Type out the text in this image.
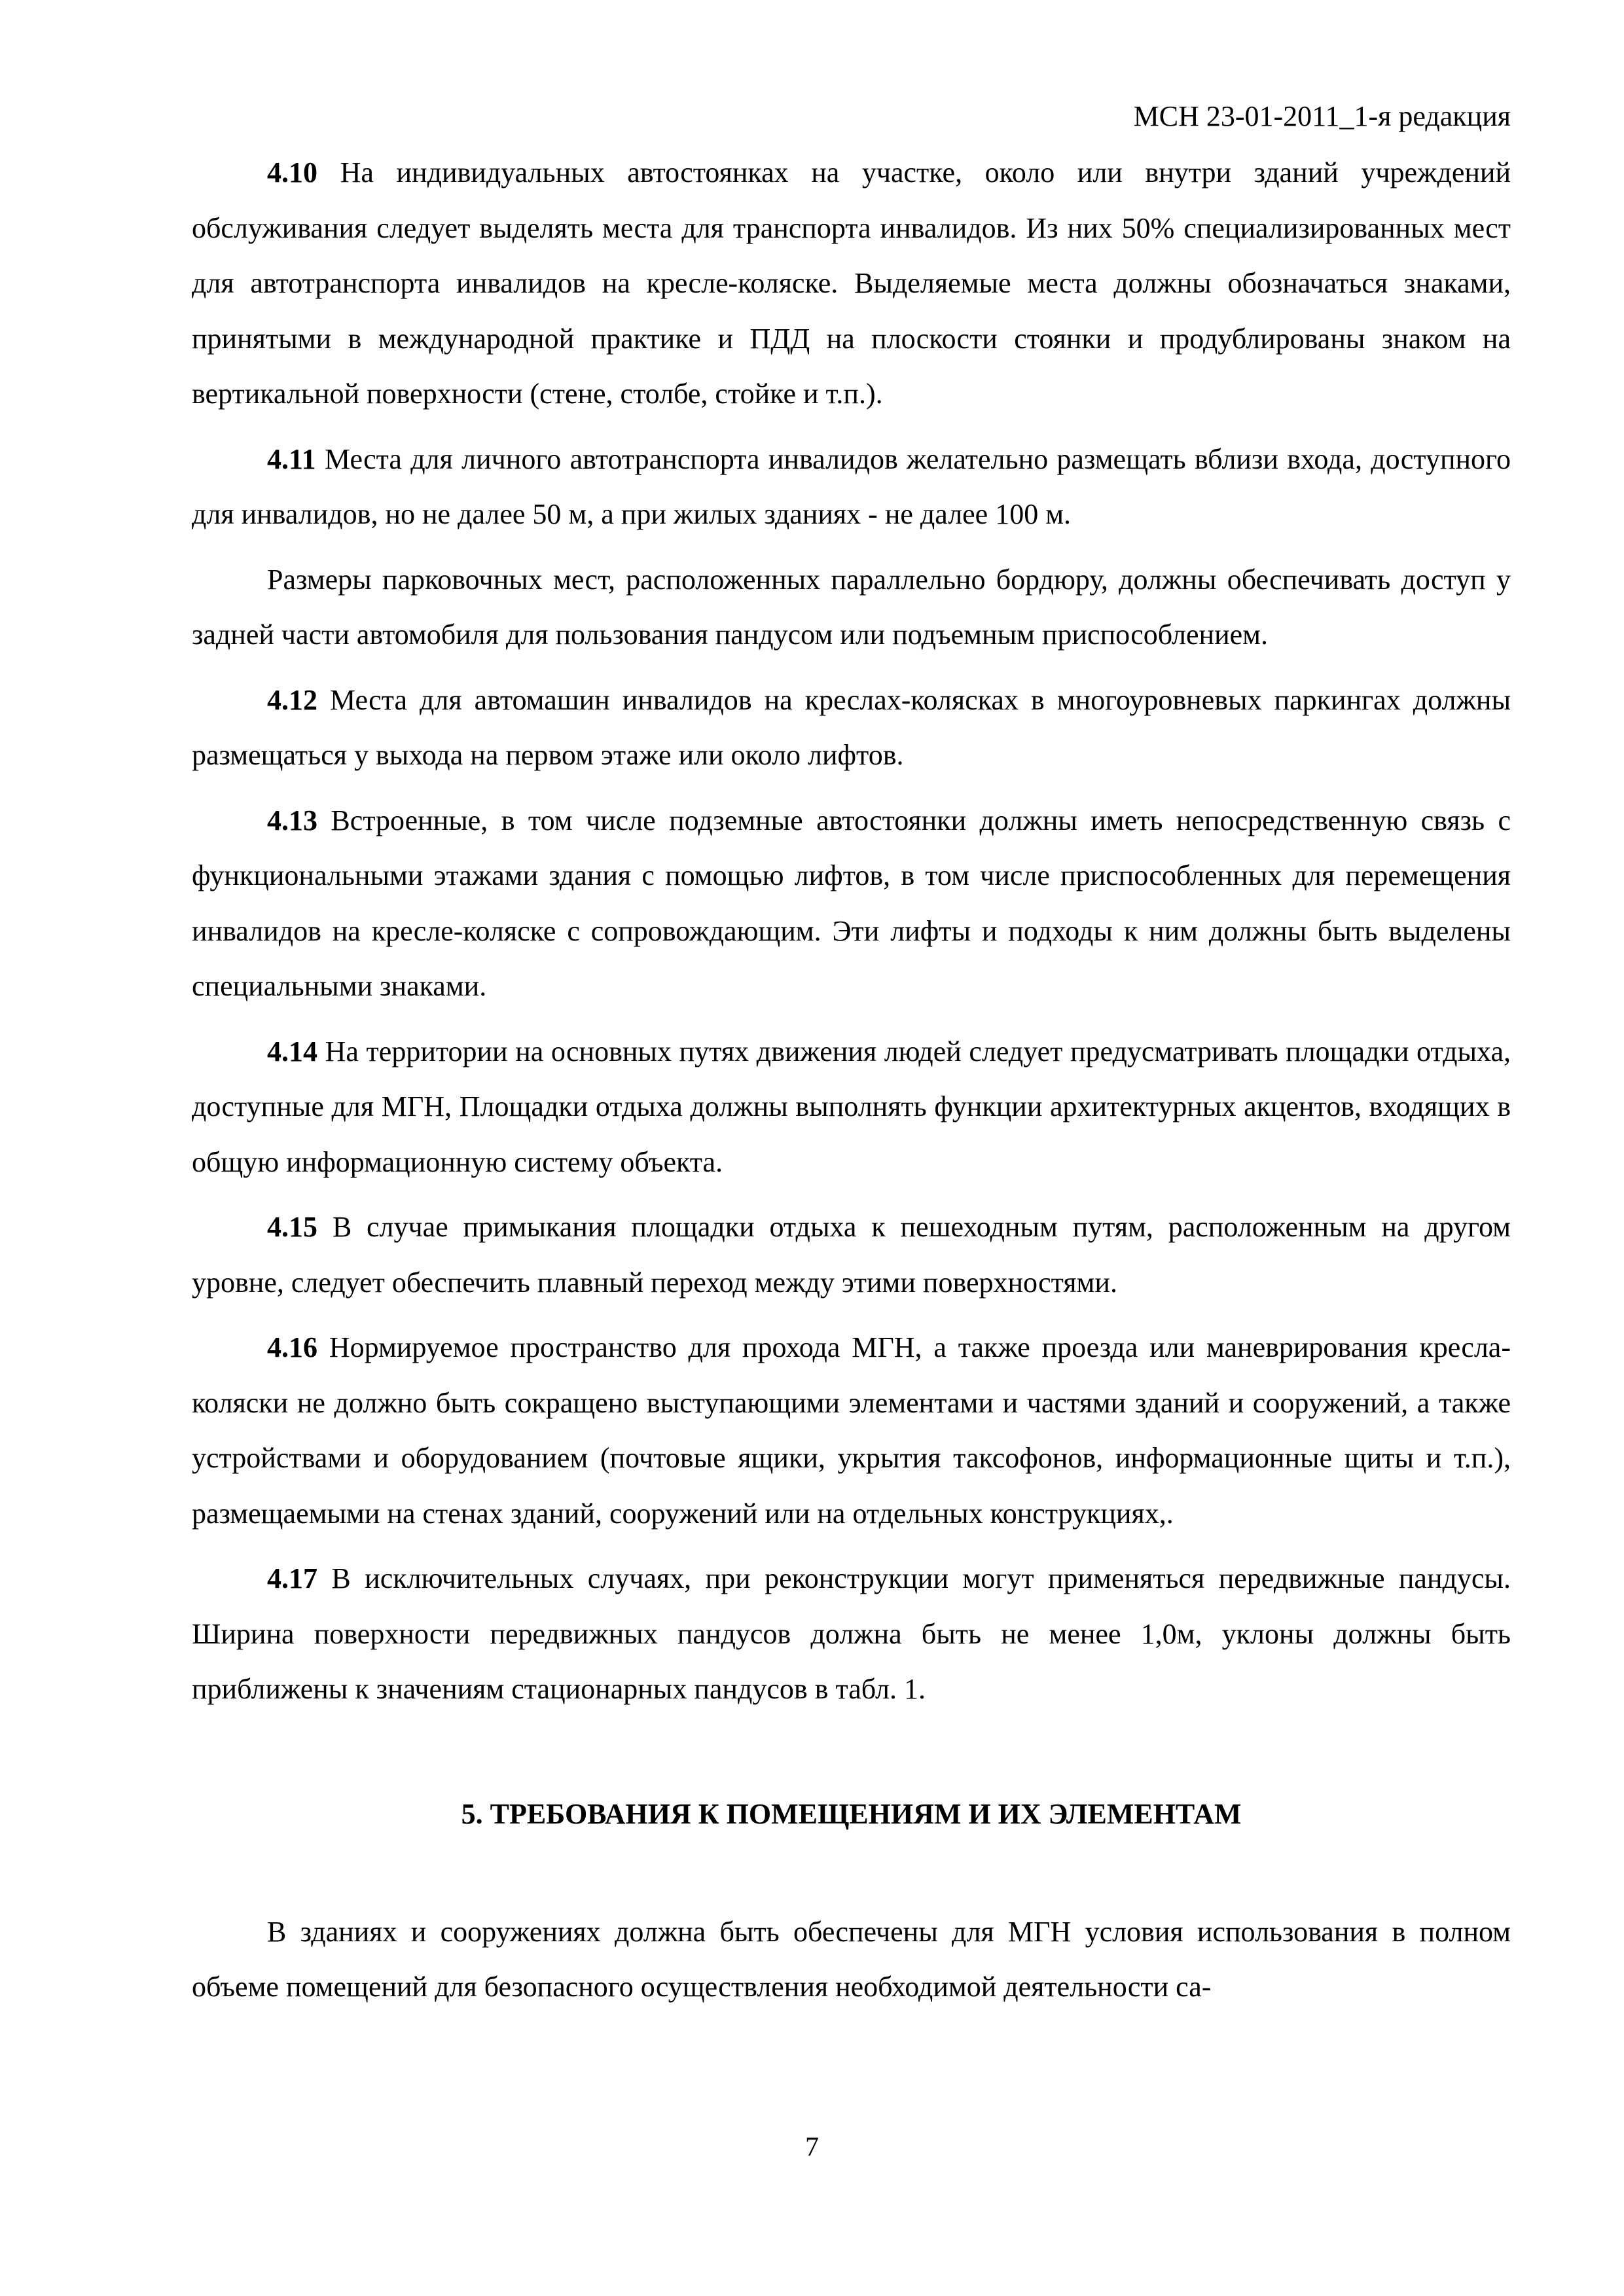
МСН 23-01-2011_1-я редакция

4.10 На индивидуальных автостоянках на участке, около или внутри зданий учреждений обслуживания следует выделять места для транспорта инвалидов. Из них 50% специализированных мест для автотранспорта инвалидов на кресле-коляске. Выделяемые места должны обозначаться знаками, принятыми в международной практике и ПДД на плоскости стоянки и продублированы знаком на вертикальной поверхности (стене, столбе, стойке и т.п.).

4.11 Места для личного автотранспорта инвалидов желательно размещать вблизи входа, доступного для инвалидов, но не далее 50 м, а при жилых зданиях - не далее 100 м.

Размеры парковочных мест, расположенных параллельно бордюру, должны обеспечивать доступ у задней части автомобиля для пользования пандусом или подъемным приспособлением.

4.12 Места для автомашин инвалидов на креслах-колясках в многоуровневых паркингах должны размещаться у выхода на первом этаже или около лифтов.

4.13 Встроенные, в том числе подземные автостоянки должны иметь непосредственную связь с функциональными этажами здания с помощью лифтов, в том числе приспособленных для перемещения инвалидов на кресле-коляске с сопровождающим. Эти лифты и подходы к ним должны быть выделены специальными знаками.

4.14 На территории на основных путях движения людей следует предусматривать площадки отдыха, доступные для МГН, Площадки отдыха должны выполнять функции архитектурных акцентов, входящих в общую информационную систему объекта.

4.15 В случае примыкания площадки отдыха к пешеходным путям, расположенным на другом уровне, следует обеспечить плавный переход между этими поверхностями.

4.16 Нормируемое пространство для прохода МГН, а также проезда или маневрирования кресла-коляски не должно быть сокращено выступающими элементами и частями зданий и сооружений, а также устройствами и оборудованием (почтовые ящики, укрытия таксофонов, информационные щиты и т.п.), размещаемыми на стенах зданий, сооружений или на отдельных конструкциях,.

4.17 В исключительных случаях, при реконструкции могут применяться передвижные пандусы. Ширина поверхности передвижных пандусов должна быть не менее 1,0м, уклоны должны быть приближены к значениям стационарных пандусов в табл. 1.

5. ТРЕБОВАНИЯ К ПОМЕЩЕНИЯМ И ИХ ЭЛЕМЕНТАМ

В зданиях и сооружениях должна быть обеспечены для МГН условия использования в полном объеме помещений для безопасного осуществления необходимой деятельности са-

7
